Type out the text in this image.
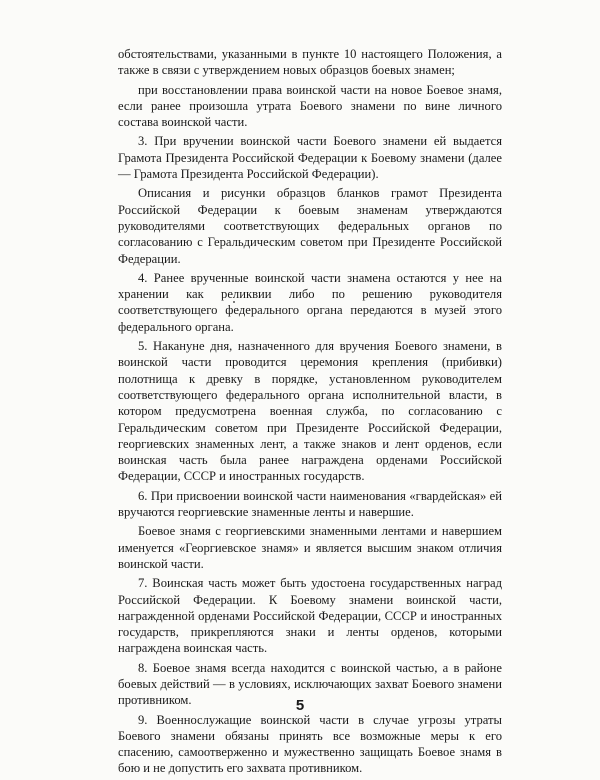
обстоятельствами, указанными в пункте 10 настоящего Положения, а также в связи с утверждением новых образцов боевых знамен;

при восстановлении права воинской части на новое Боевое знамя, если ранее произошла утрата Боевого знамени по вине личного состава воинской части.

3. При вручении воинской части Боевого знамени ей выдается Грамота Президента Российской Федерации к Боевому знамени (далее — Грамота Президента Российской Федерации).

Описания и рисунки образцов бланков грамот Президента Российской Федерации к боевым знаменам утверждаются руководителями соответствующих федеральных органов по согласованию с Геральдическим советом при Президенте Российской Федерации.

4. Ранее врученные воинской части знамена остаются у нее на хранении как реликвии либо по решению руководителя соответствующего федерального органа передаются в музей этого федерального органа.

5. Накануне дня, назначенного для вручения Боевого знамени, в воинской части проводится церемония крепления (прибивки) полотнища к древку в порядке, установленном руководителем соответствующего федерального органа исполнительной власти, в котором предусмотрена военная служба, по согласованию с Геральдическим советом при Президенте Российской Федерации, георгиевских знаменных лент, а также знаков и лент орденов, если воинская часть была ранее награждена орденами Российской Федерации, СССР и иностранных государств.

6. При присвоении воинской части наименования «гвардейская» ей вручаются георгиевские знаменные ленты и навершие.

Боевое знамя с георгиевскими знаменными лентами и навершием именуется «Георгиевское знамя» и является высшим знаком отличия воинской части.

7. Воинская часть может быть удостоена государственных наград Российской Федерации. К Боевому знамени воинской части, награжденной орденами Российской Федерации, СССР и иностранных государств, прикрепляются знаки и ленты орденов, которыми награждена воинская часть.

8. Боевое знамя всегда находится с воинской частью, а в районе боевых действий — в условиях, исключающих захват Боевого знамени противником.

9. Военнослужащие воинской части в случае угрозы утраты Боевого знамени обязаны принять все возможные меры к его спасению, самоотверженно и мужественно защищать Боевое знамя в бою и не допустить его захвата противником.

5
